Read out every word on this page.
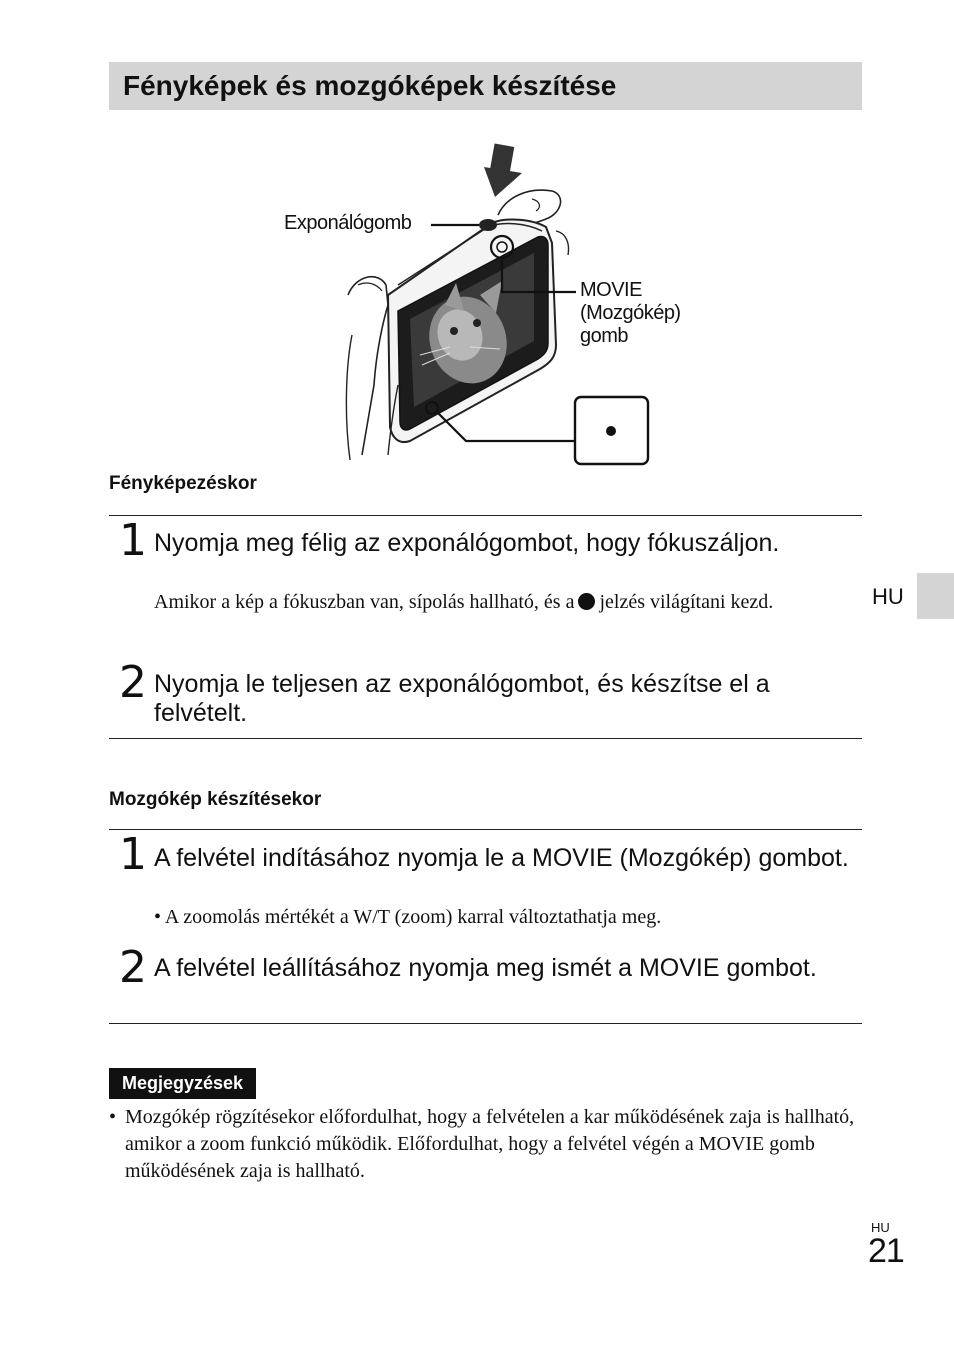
Fényképek és mozgóképek készítése
Exponálógomb
MOVIE (Mozgókép) gomb
Fényképezéskor
1 Nyomja meg félig az exponálógombot, hogy fókuszáljon.
Amikor a kép a fókuszban van, sípolás hallható, és a jelzés világítani kezd.
2 Nyomja le teljesen az exponálógombot, és készítse el a felvételt.
Mozgókép készítésekor
1 A felvétel indításához nyomja le a MOVIE (Mozgókép) gombot.
• A zoomolás mértékét a W/T (zoom) karral változtathatja meg.
2 A felvétel leállításához nyomja meg ismét a MOVIE gombot.
Megjegyzések
• Mozgókép rögzítésekor előfordulhat, hogy a felvételen a kar működésének zaja is hallható, amikor a zoom funkció működik. Előfordulhat, hogy a felvétel végén a MOVIE gomb működésének zaja is hallható.
HU
HU
21
